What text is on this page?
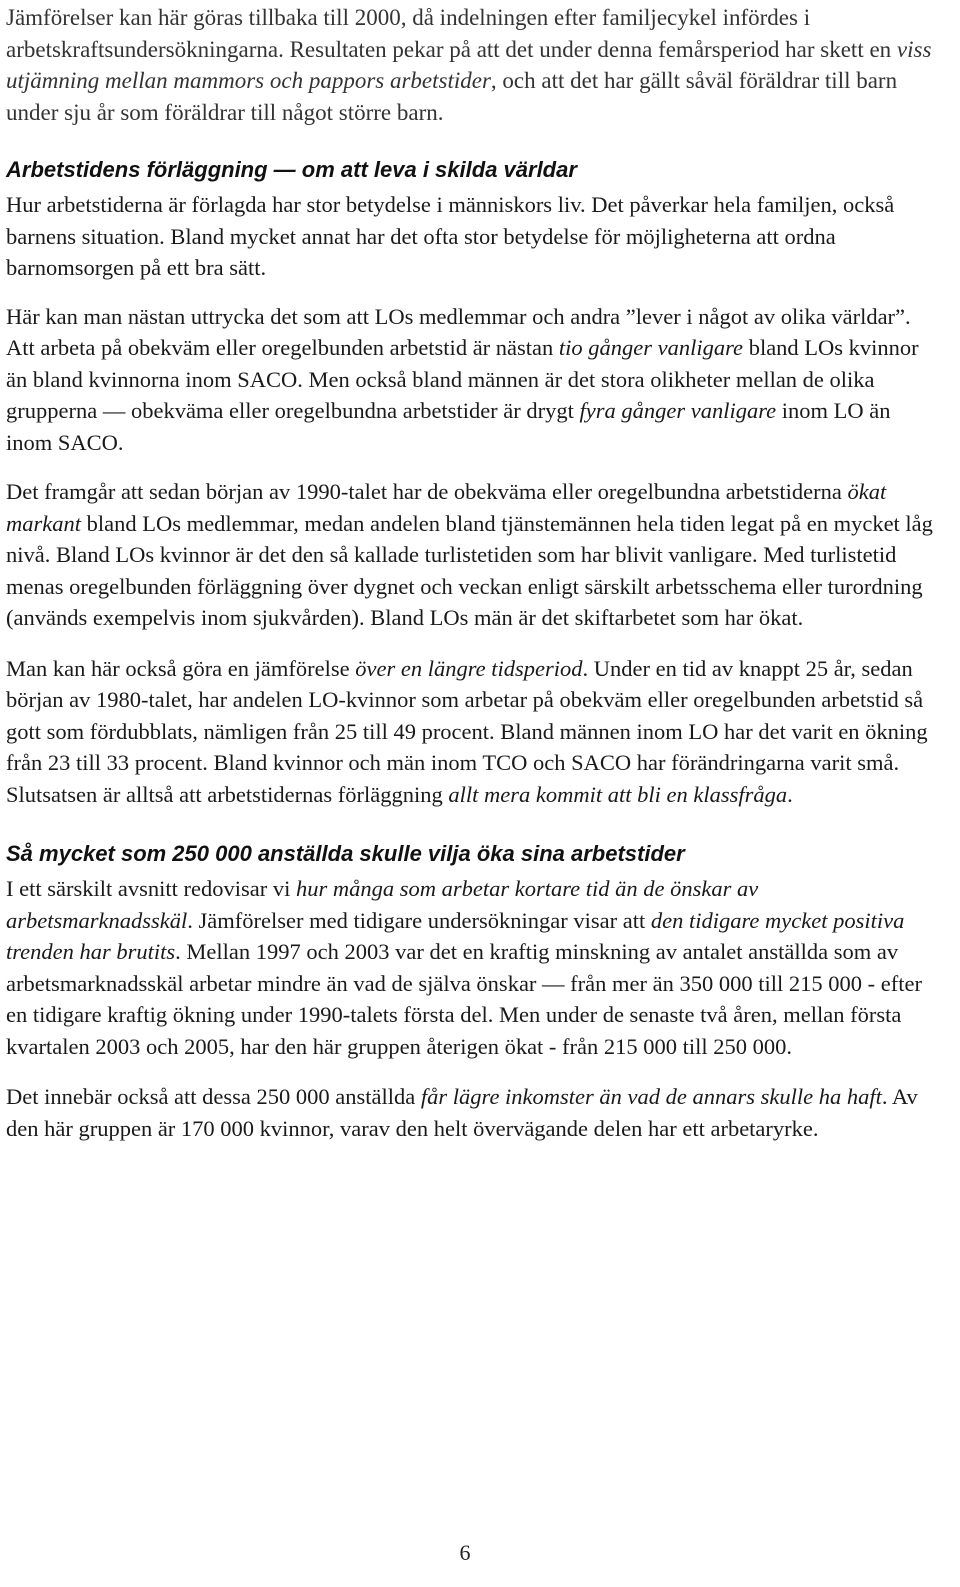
Jämförelser kan här göras tillbaka till 2000, då indelningen efter familjecykel infördes i arbetskraftsundersökningarna. Resultaten pekar på att det under denna femårsperiod har skett en viss utjämning mellan mammors och pappors arbetstider, och att det har gällt såväl föräldrar till barn under sju år som föräldrar till något större barn.

Arbetstidens förläggning — om att leva i skilda världar

Hur arbetstiderna är förlagda har stor betydelse i människors liv. Det påverkar hela familjen, också barnens situation. Bland mycket annat har det ofta stor betydelse för möjligheterna att ordna barnomsorgen på ett bra sätt.

Här kan man nästan uttrycka det som att LOs medlemmar och andra ”lever i något av olika världar”. Att arbeta på obekväm eller oregelbunden arbetstid är nästan tio gånger vanligare bland LOs kvinnor än bland kvinnorna inom SACO. Men också bland männen är det stora olikheter mellan de olika grupperna — obekväma eller oregelbundna arbetstider är drygt fyra gånger vanligare inom LO än inom SACO.

Det framgår att sedan början av 1990-talet har de obekväma eller oregelbundna arbetstiderna ökat markant bland LOs medlemmar, medan andelen bland tjänstemännen hela tiden legat på en mycket låg nivå. Bland LOs kvinnor är det den så kallade turlistetiden som har blivit vanligare. Med turlistetid menas oregelbunden förläggning över dygnet och veckan enligt särskilt arbetsschema eller turordning (används exempelvis inom sjukvården). Bland LOs män är det skiftarbetet som har ökat.

Man kan här också göra en jämförelse över en längre tidsperiod. Under en tid av knappt 25 år, sedan början av 1980-talet, har andelen LO-kvinnor som arbetar på obekväm eller oregelbunden arbetstid så gott som fördubblats, nämligen från 25 till 49 procent. Bland männen inom LO har det varit en ökning från 23 till 33 procent. Bland kvinnor och män inom TCO och SACO har förändringarna varit små. Slutsatsen är alltså att arbetstidernas förläggning allt mera kommit att bli en klassfråga.

Så mycket som 250 000 anställda skulle vilja öka sina arbetstider

I ett särskilt avsnitt redovisar vi hur många som arbetar kortare tid än de önskar av arbetsmarknadsskäl. Jämförelser med tidigare undersökningar visar att den tidigare mycket positiva trenden har brutits. Mellan 1997 och 2003 var det en kraftig minskning av antalet anställda som av arbetsmarknadsskäl arbetar mindre än vad de själva önskar — från mer än 350 000 till 215 000 - efter en tidigare kraftig ökning under 1990-talets första del. Men under de senaste två åren, mellan första kvartalen 2003 och 2005, har den här gruppen återigen ökat - från 215 000 till 250 000.

Det innebär också att dessa 250 000 anställda får lägre inkomster än vad de annars skulle ha haft. Av den här gruppen är 170 000 kvinnor, varav den helt övervägande delen har ett arbetaryrke.

6
